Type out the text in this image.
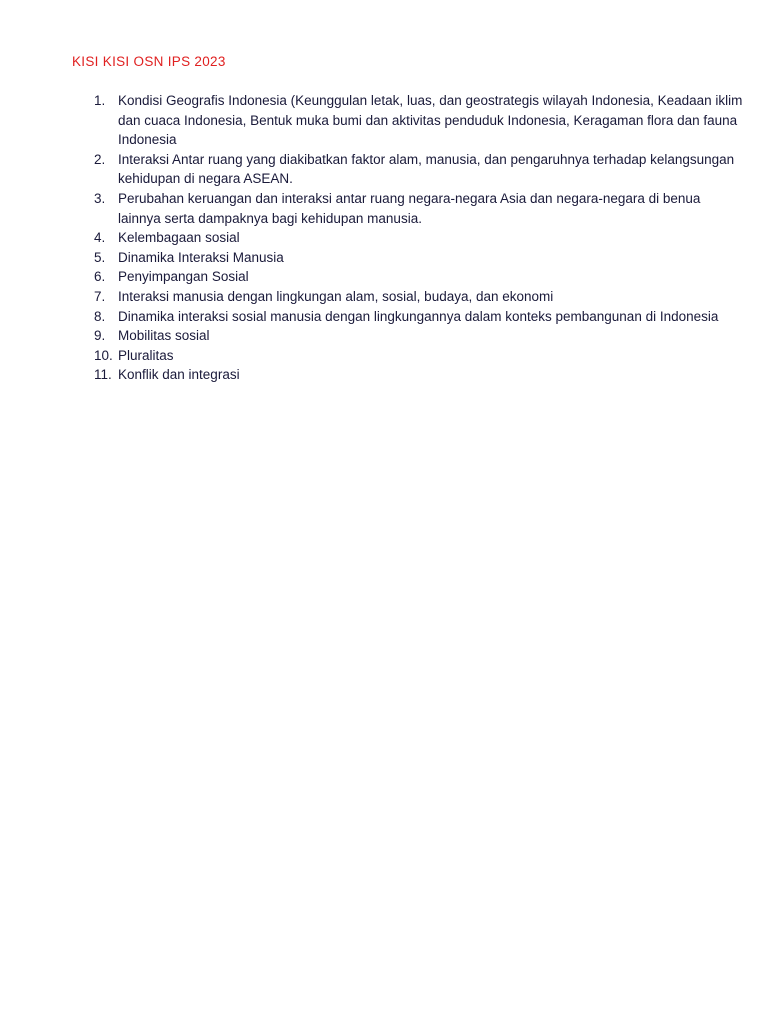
KISI KISI OSN IPS 2023
1. Kondisi Geografis Indonesia (Keunggulan letak, luas, dan geostrategis wilayah Indonesia, Keadaan iklim dan cuaca Indonesia, Bentuk muka bumi dan aktivitas penduduk Indonesia, Keragaman flora dan fauna Indonesia
2. Interaksi Antar ruang yang diakibatkan faktor alam, manusia, dan pengaruhnya terhadap kelangsungan kehidupan di negara ASEAN.
3. Perubahan keruangan dan interaksi antar ruang negara-negara Asia dan negara-negara di benua lainnya serta dampaknya bagi kehidupan manusia.
4. Kelembagaan sosial
5. Dinamika Interaksi Manusia
6. Penyimpangan Sosial
7. Interaksi manusia dengan lingkungan alam, sosial, budaya, dan ekonomi
8. Dinamika interaksi sosial manusia dengan lingkungannya dalam konteks pembangunan di Indonesia
9. Mobilitas sosial
10. Pluralitas
11. Konflik dan integrasi
